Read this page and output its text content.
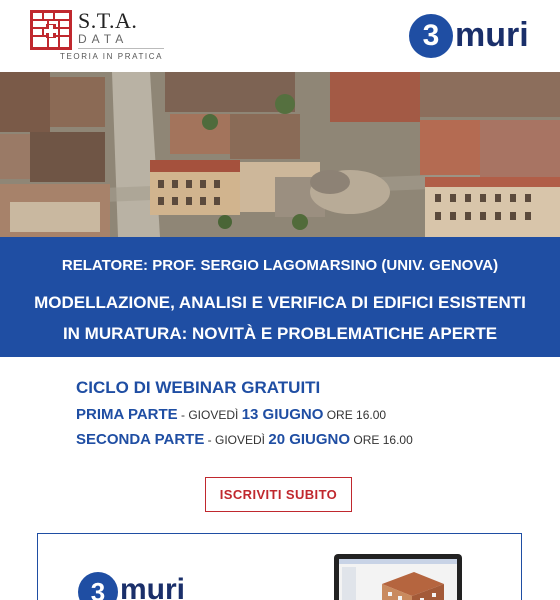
S.T.A.
DATA
TEORIA IN PRATICA
3 muri
RELATORE: PROF. SERGIO LAGOMARSINO (UNIV. GENOVA)
MODELLAZIONE, ANALISI E VERIFICA DI EDIFICI ESISTENTI
IN MURATURA: NOVITÀ E PROBLEMATICHE APERTE
CICLO DI WEBINAR GRATUITI
PRIMA PARTE - GIOVEDÌ 13 GIUGNO ORE 16.00
SECONDA PARTE - GIOVEDÌ 20 GIUGNO ORE 16.00
ISCRIVITI SUBITO
3 muri
